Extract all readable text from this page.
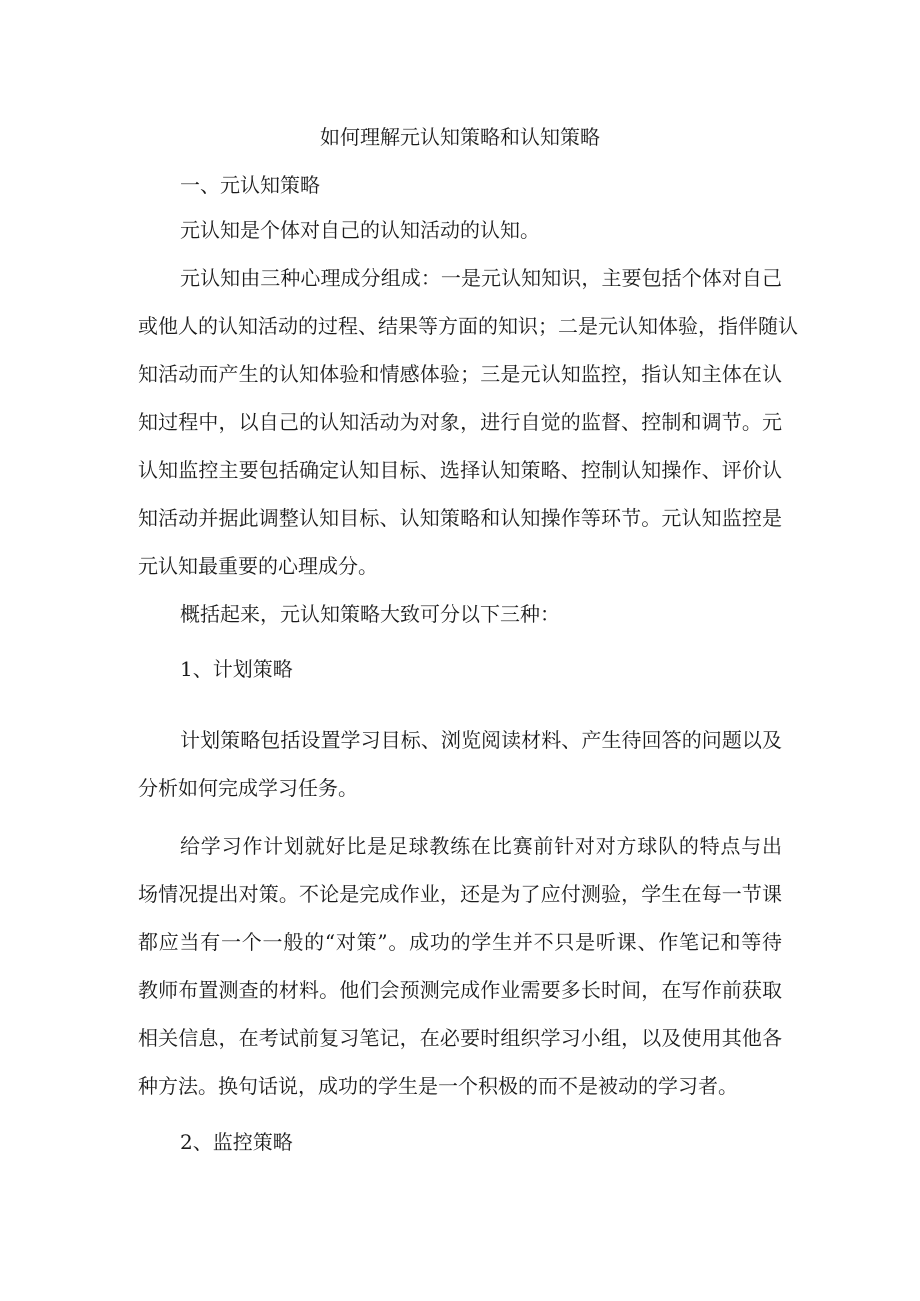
如何理解元认知策略和认知策略
一、元认知策略
元认知是个体对自己的认知活动的认知。
元认知由三种心理成分组成：一是元认知知识，主要包括个体对自己
或他人的认知活动的过程、结果等方面的知识；二是元认知体验，指伴随认
知活动而产生的认知体验和情感体验；三是元认知监控，指认知主体在认
知过程中，以自己的认知活动为对象，进行自觉的监督、控制和调节。元
认知监控主要包括确定认知目标、选择认知策略、控制认知操作、评价认
知活动并据此调整认知目标、认知策略和认知操作等环节。元认知监控是
元认知最重要的心理成分。
概括起来，元认知策略大致可分以下三种：
1、计划策略
计划策略包括设置学习目标、浏览阅读材料、产生待回答的问题以及
分析如何完成学习任务。
给学习作计划就好比是足球教练在比赛前针对对方球队的特点与出
场情况提出对策。不论是完成作业，还是为了应付测验，学生在每一节课
都应当有一个一般的“对策”。成功的学生并不只是听课、作笔记和等待
教师布置测查的材料。他们会预测完成作业需要多长时间，在写作前获取
相关信息，在考试前复习笔记，在必要时组织学习小组，以及使用其他各
种方法。换句话说，成功的学生是一个积极的而不是被动的学习者。
2、监控策略
